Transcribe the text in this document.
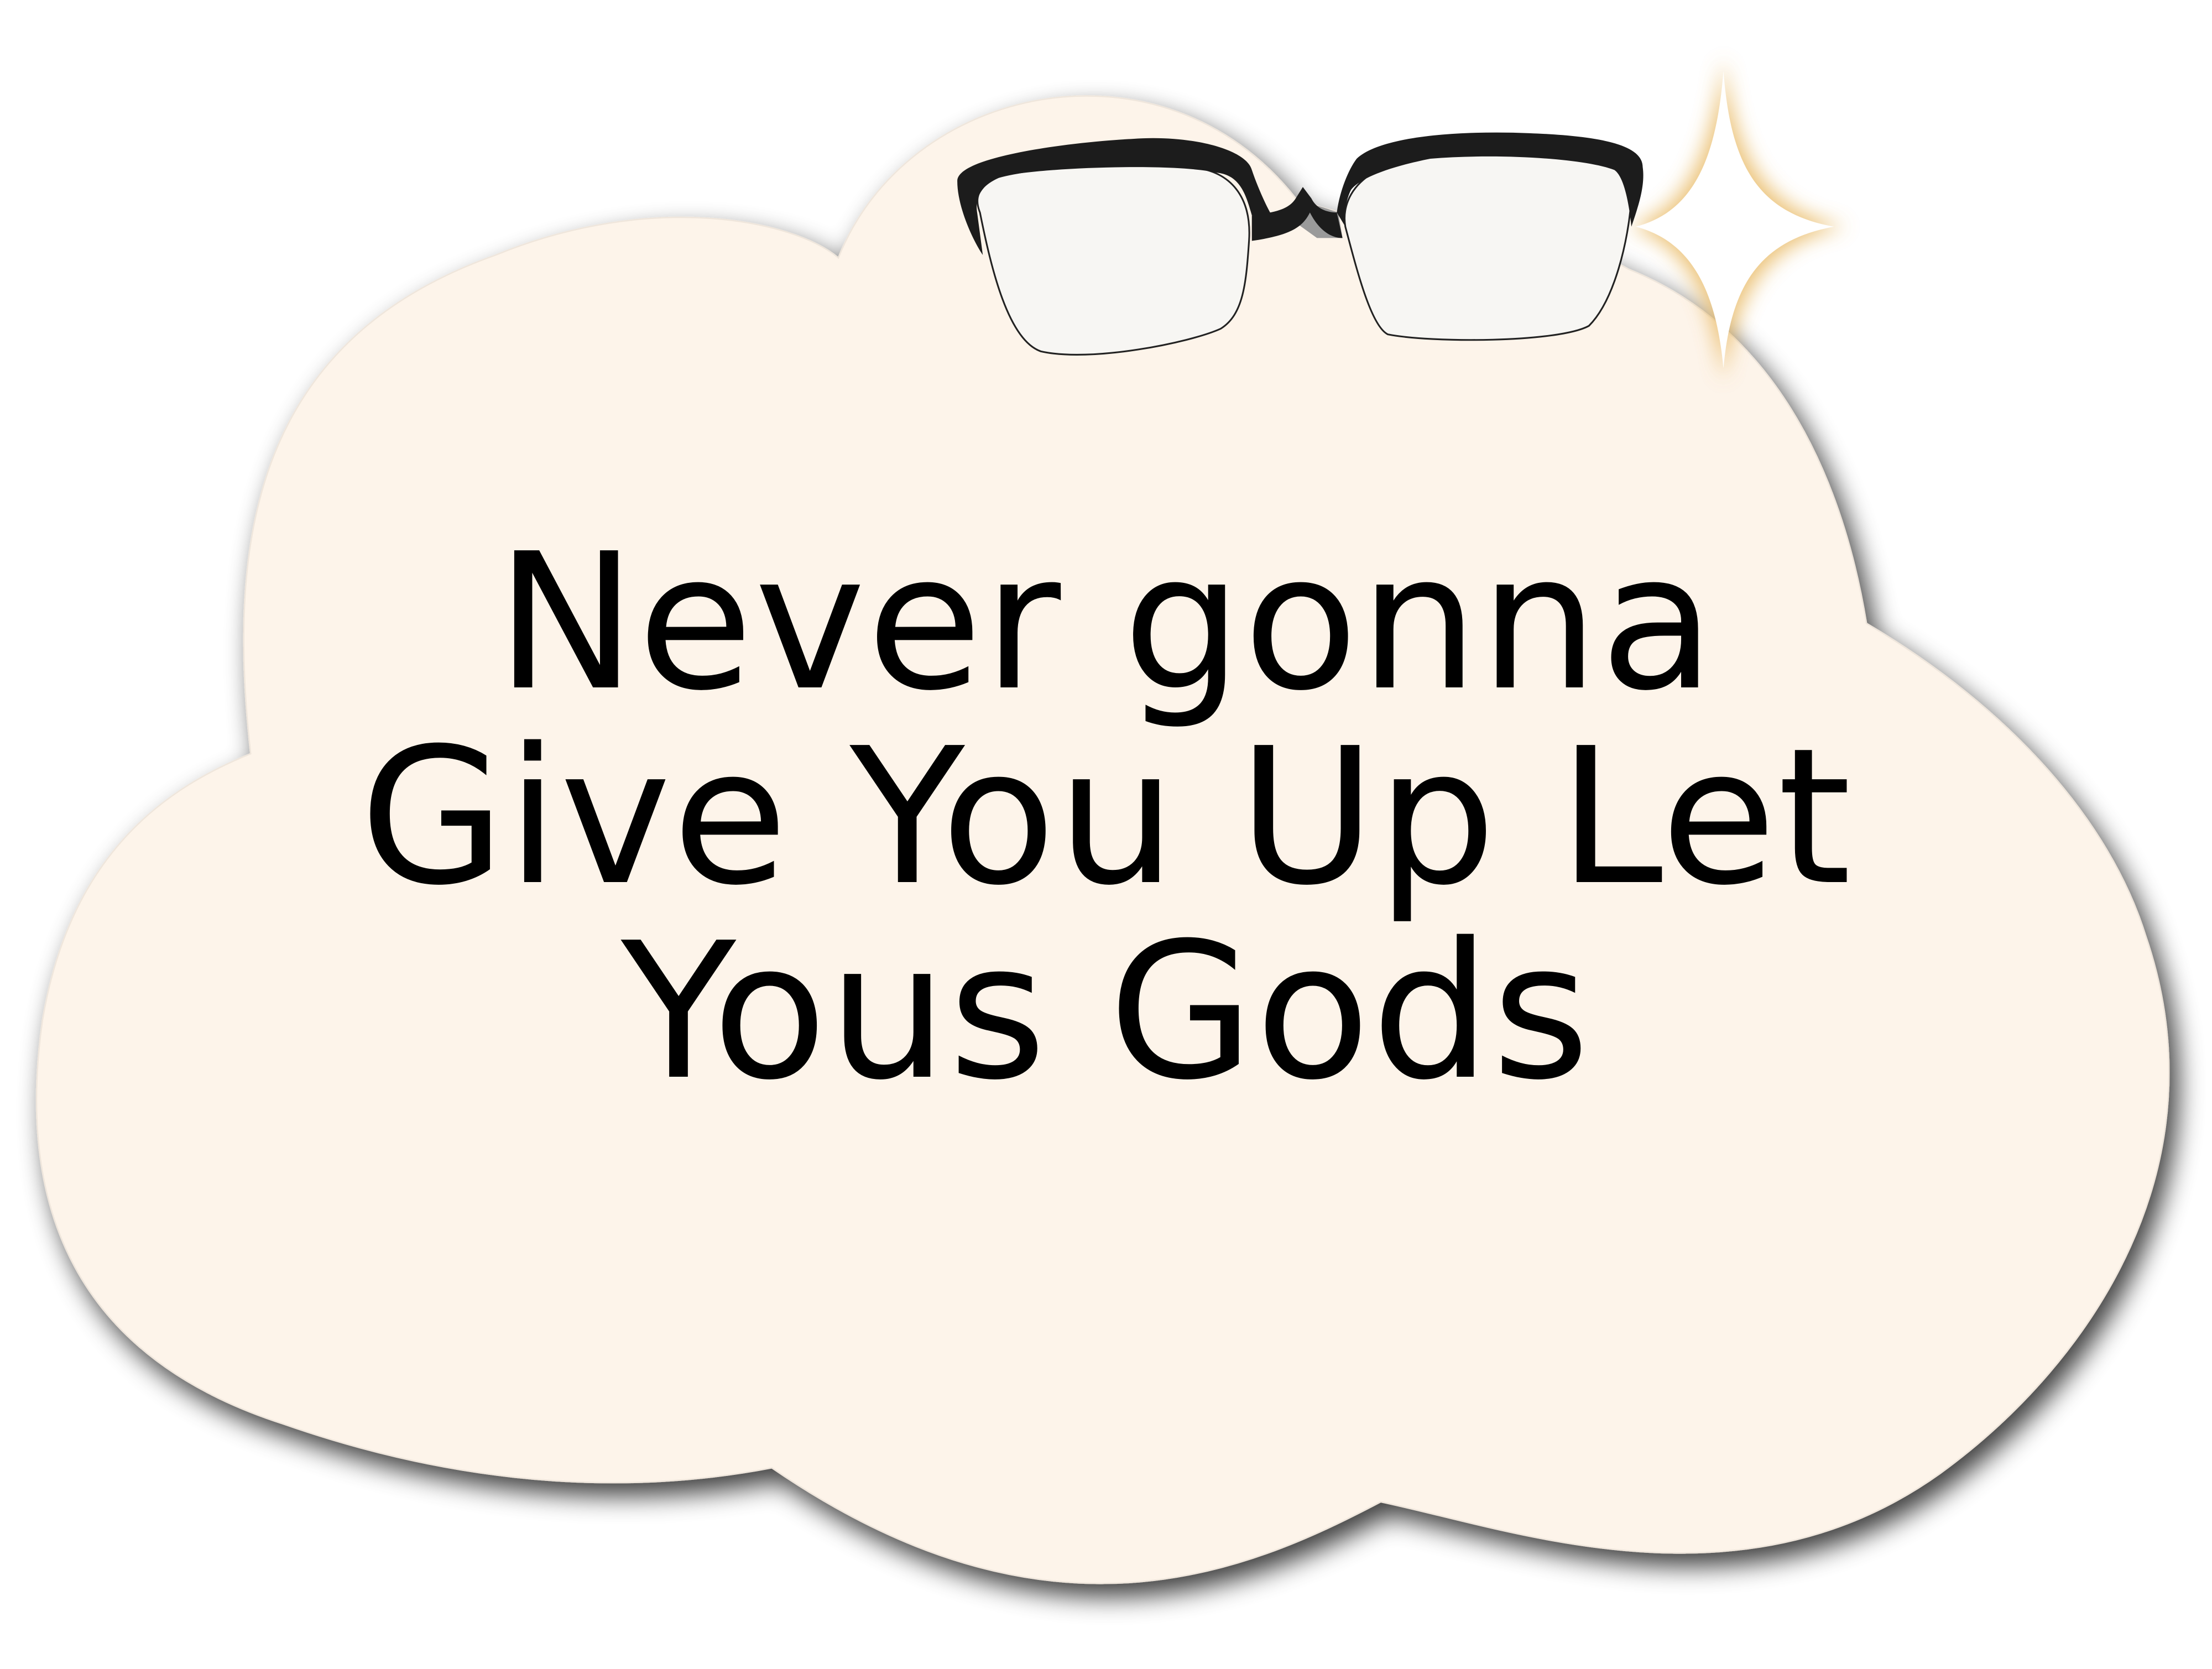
Never gonna Give You Up Let Yous Gods
